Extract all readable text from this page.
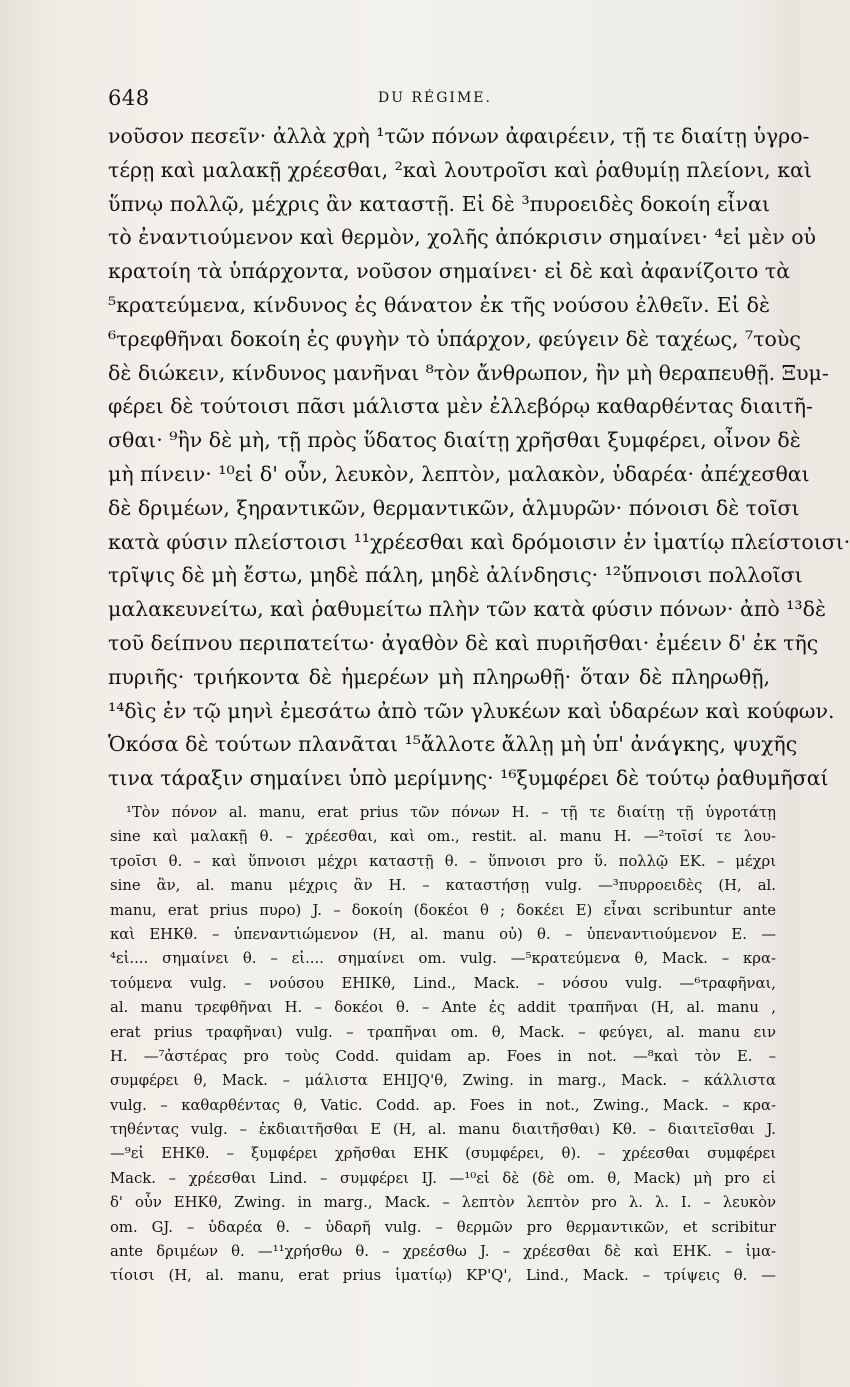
648	DU RÉGIME.
νοῦσον πεσεῖν· ἀλλὰ χρὴ ¹τῶν πόνων ἀφαιρέειν, τῇ τε διαίτῃ ὑγρο-
τέρῃ καὶ μαλακῇ χρέεσθαι, ²καὶ λουτροῖσι καὶ ῥαθυμίῃ πλείονι, καὶ
ὕπνῳ πολλῷ, μέχρις ἂν καταστῇ. Εἰ δὲ ³πυροειδὲς δοκοίη εἶναι
τὸ ἐναντιούμενον καὶ θερμὸν, χολῆς ἀπόκρισιν σημαίνει· ⁴εἰ μὲν οὐ
κρατοίη τὰ ὑπάρχοντα, νοῦσον σημαίνει· εἰ δὲ καὶ ἀφανίζοιτο τὰ
⁵κρατεύμενα, κίνδυνος ἐς θάνατον ἐκ τῆς νούσου ἐλθεῖν. Εἰ δὲ
⁶τρεφθῆναι δοκοίη ἐς φυγὴν τὸ ὑπάρχον, φεύγειν δὲ ταχέως, ⁷τοὺς
δὲ διώκειν, κίνδυνος μανῆναι ⁸τὸν ἄνθρωπον, ἢν μὴ θεραπευθῇ. Ξυμ-
φέρει δὲ τούτοισι πᾶσι μάλιστα μὲν ἐλλεβόρῳ καθαρθέντας διαιτῆ-
σθαι· ⁹ἢν δὲ μὴ, τῇ πρὸς ὕδατος διαίτῃ χρῆσθαι ξυμφέρει, οἶνον δὲ
μὴ πίνειν· ¹⁰εἰ δ' οὖν, λευκὸν, λεπτὸν, μαλακὸν, ὑδαρέα· ἀπέχεσθαι
δὲ δριμέων, ξηραντικῶν, θερμαντικῶν, ἁλμυρῶν· πόνοισι δὲ τοῖσι
κατὰ φύσιν πλείστοισι ¹¹χρέεσθαι καὶ δρόμοισιν ἐν ἱματίῳ πλείστοισι·
τρῖψις δὲ μὴ ἔστω, μηδὲ πάλη, μηδὲ ἀλίνδησις· ¹²ὕπνοισι πολλοῖσι
μαλακευνείτω, καὶ ῥαθυμείτω πλὴν τῶν κατὰ φύσιν πόνων· ἀπὸ ¹³δὲ
τοῦ δείπνου περιπατείτω· ἀγαθὸν δὲ καὶ πυριῆσθαι· ἐμέειν δ' ἐκ τῆς
πυριῆς· τριήκοντα δὲ ἡμερέων μὴ πληρωθῇ· ὅταν δὲ πληρωθῇ,
¹⁴δὶς ἐν τῷ μηνὶ ἐμεσάτω ἀπὸ τῶν γλυκέων καὶ ὑδαρέων καὶ κούφων.
Ὁκόσα δὲ τούτων πλανᾶται ¹⁵ἄλλοτε ἄλλῃ μὴ ὑπ' ἀνάγκης, ψυχῆς
τινα τάραξιν σημαίνει ὑπὸ μερίμνης· ¹⁶ξυμφέρει δὲ τούτῳ ῥαθυμῆσαί
¹Τὸν πόνον al. manu, erat prius τῶν πόνων H. – τῇ τε διαίτῃ τῇ ὑγροτάτῃ
sine καὶ μαλακῇ θ. – χρέεσθαι, καὶ om., restit. al. manu H. —²τοῖσί τε λου-
τροῖσι θ. – καὶ ὕπνοισι μέχρι καταστῇ θ. – ὕπνοισι pro ὕ. πολλῷ EK. – μέχρι
sine ἂν, al. manu μέχρις ἂν H. – καταστήσῃ vulg. —³πυρροειδὲς (H, al.
manu, erat prius πυρο) J. – δοκοίη (δοκέοι θ ; δοκέει E) εἶναι scribuntur ante
καὶ EHKθ. – ὑπεναντιώμενον (H, al. manu οὐ) θ. – ὑπεναντιούμενον E. —
⁴εἰ.... σημαίνει θ. – εἰ.... σημαίνει om. vulg. —⁵κρατεύμενα θ, Mack. – κρα-
τούμενα vulg. – νούσου EHIKθ, Lind., Mack. – νόσου vulg. —⁶τραφῆναι,
al. manu τρεφθῆναι H. – δοκέοι θ. – Ante ἐς addit τραπῆναι (H, al. manu ,
erat prius τραφῆναι) vulg. – τραπῆναι om. θ, Mack. – φεύγει, al. manu ειν
H. —⁷ἀστέρας pro τοὺς Codd. quidam ap. Foes in not. —⁸καὶ τὸν E. –
συμφέρει θ, Mack. – μάλιστα EHIJQ'θ, Zwing. in marg., Mack. – κάλλιστα
vulg. – καθαρθέντας θ, Vatic. Codd. ap. Foes in not., Zwing., Mack. – κρα-
τηθέντας vulg. – ἐκδιαιτῆσθαι E (H, al. manu διαιτῆσθαι) Kθ. – διαιτεῖσθαι J.
—⁹εἰ EHKθ. – ξυμφέρει χρῆσθαι EHK (συμφέρει, θ). – χρέεσθαι συμφέρει
Mack. – χρέεσθαι Lind. – συμφέρει IJ. —¹⁰εἰ δὲ (δὲ om. θ, Mack) μὴ pro εἰ
δ' οὖν EHKθ, Zwing. in marg., Mack. – λεπτὸν λεπτὸν pro λ. λ. I. – λευκὸν
om. GJ. – ὑδαρέα θ. – ὑδαρῆ vulg. – θερμῶν pro θερμαντικῶν, et scribitur
ante δριμέων θ. —¹¹χρήσθω θ. – χρεέσθω J. – χρέεσθαι δὲ καὶ EHK. – ἱμα-
τίοισι (H, al. manu, erat prius ἱματίῳ) KP'Q', Lind., Mack. – τρίψεις θ. —
